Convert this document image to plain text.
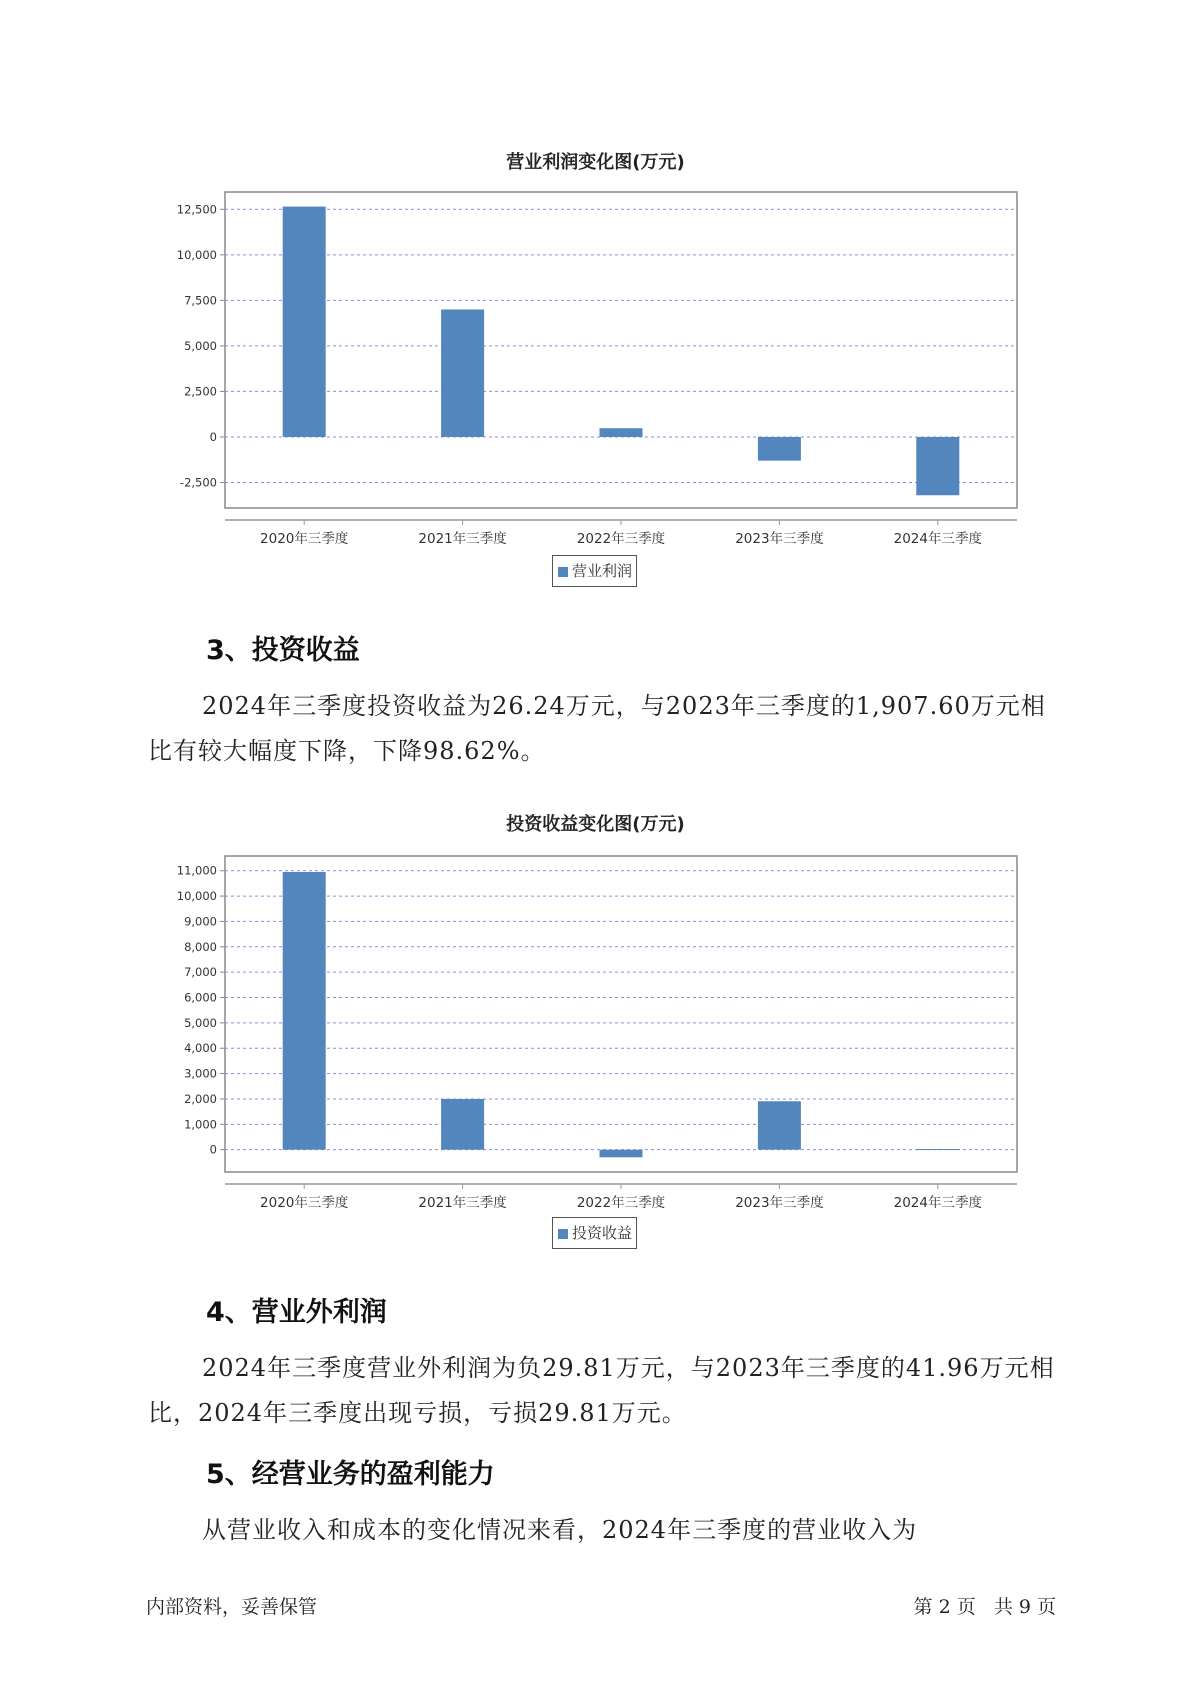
营业利润变化图(万元)
12,500
10,000
7,500
5,000
2,500
0
-2,500
2020年三季度	2021年三季度	2022年三季度	2023年三季度	2024年三季度
营业利润
3、投资收益

2024年三季度投资收益为26.24万元，与2023年三季度的1,907.60万元相比有较大幅度下降，下降98.62%。

投资收益变化图(万元)
11,000
10,000
9,000
8,000
7,000
6,000
5,000
4,000
3,000
2,000
1,000
0
2020年三季度	2021年三季度	2022年三季度	2023年三季度	2024年三季度
投资收益
4、营业外利润

2024年三季度营业外利润为负29.81万元，与2023年三季度的41.96万元相比，2024年三季度出现亏损，亏损29.81万元。

5、经营业务的盈利能力

从营业收入和成本的变化情况来看，2024年三季度的营业收入为

内部资料，妥善保管	第 2 页   共 9 页
